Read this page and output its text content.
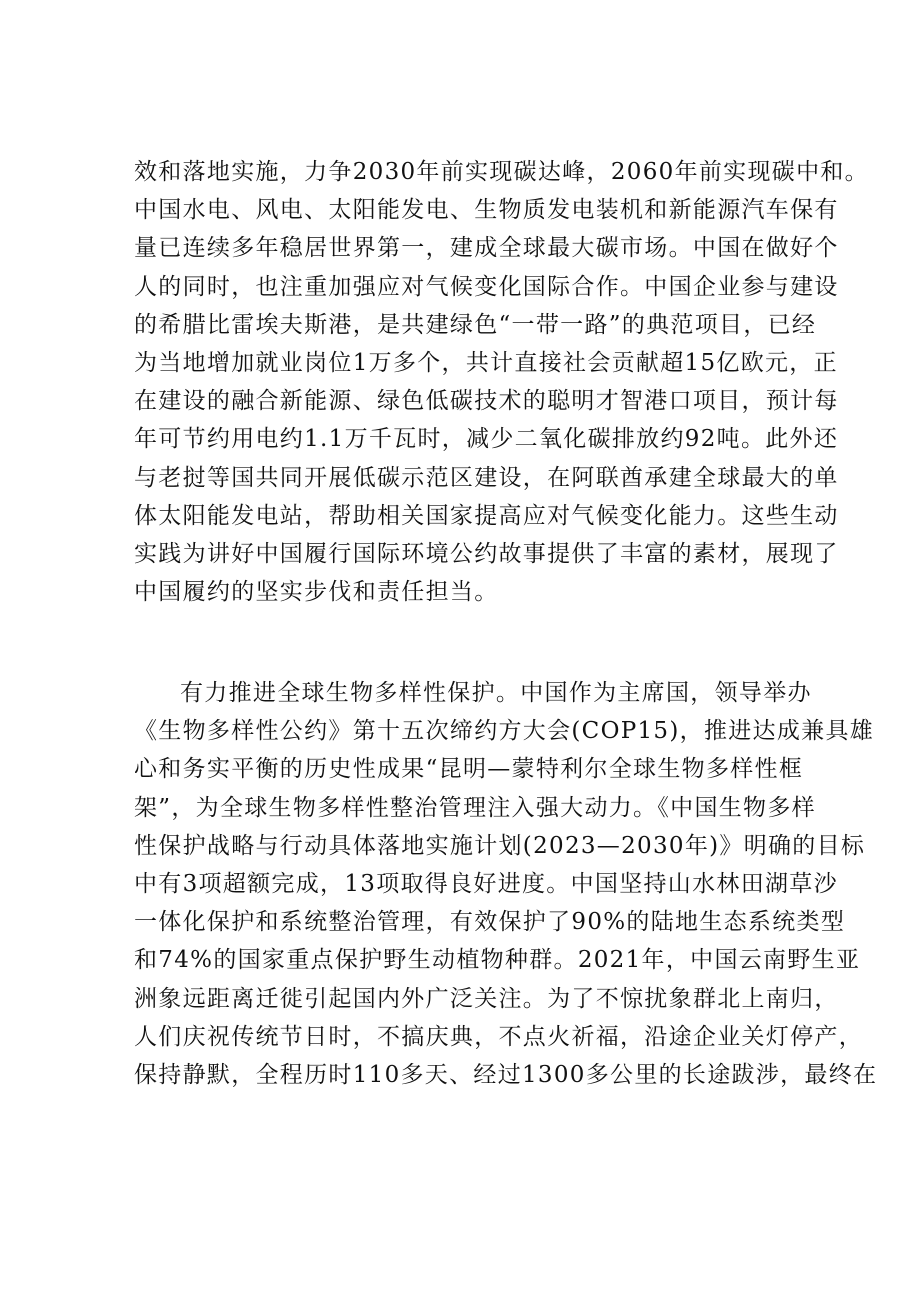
效和落地实施，力争2030年前实现碳达峰，2060年前实现碳中和。
中国水电、风电、太阳能发电、生物质发电装机和新能源汽车保有
量已连续多年稳居世界第一，建成全球最大碳市场。中国在做好个
人的同时，也注重加强应对气候变化国际合作。中国企业参与建设
的希腊比雷埃夫斯港，是共建绿色“一带一路”的典范项目，已经
为当地增加就业岗位1万多个，共计直接社会贡献超15亿欧元，正
在建设的融合新能源、绿色低碳技术的聪明才智港口项目，预计每
年可节约用电约1.1万千瓦时，减少二氧化碳排放约92吨。此外还
与老挝等国共同开展低碳示范区建设，在阿联酋承建全球最大的单
体太阳能发电站，帮助相关国家提高应对气候变化能力。这些生动
实践为讲好中国履行国际环境公约故事提供了丰富的素材，展现了
中国履约的坚实步伐和责任担当。

有力推进全球生物多样性保护。中国作为主席国，领导举办
《生物多样性公约》第十五次缔约方大会(COP15)，推进达成兼具雄
心和务实平衡的历史性成果“昆明—蒙特利尔全球生物多样性框
架”，为全球生物多样性整治管理注入强大动力。《中国生物多样
性保护战略与行动具体落地实施计划(2023—2030年)》明确的目标
中有3项超额完成，13项取得良好进度。中国坚持山水林田湖草沙
一体化保护和系统整治管理，有效保护了90%的陆地生态系统类型
和74%的国家重点保护野生动植物种群。2021年，中国云南野生亚
洲象远距离迁徙引起国内外广泛关注。为了不惊扰象群北上南归，
人们庆祝传统节日时，不搞庆典，不点火祈福，沿途企业关灯停产，
保持静默，全程历时110多天、经过1300多公里的长途跋涉，最终在
